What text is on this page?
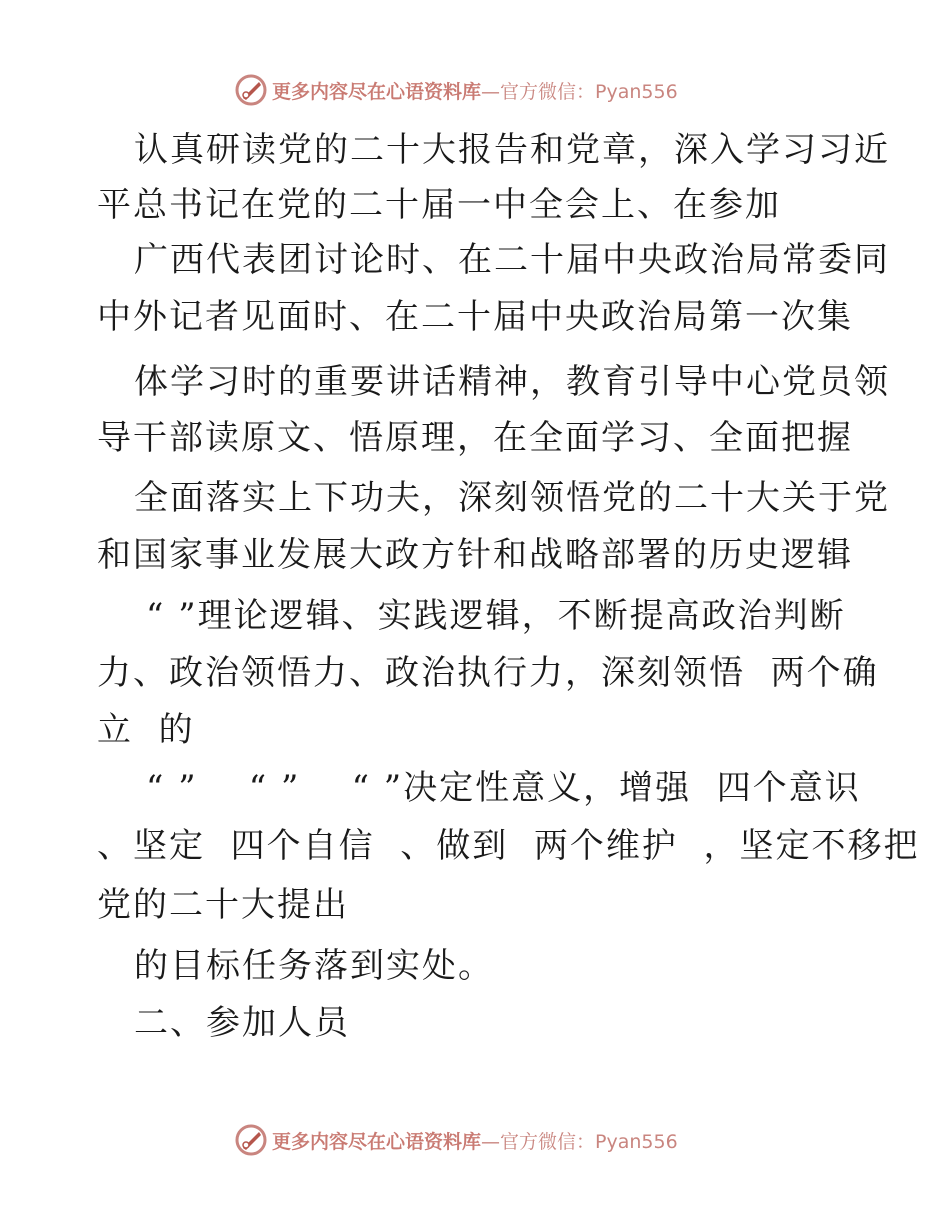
更多内容尽在心语资料库—官方微信：Pyan556
认真研读党的二十大报告和党章，深入学习习近
平总书记在党的二十届一中全会上、在参加
广西代表团讨论时、在二十届中央政治局常委同
中外记者见面时、在二十届中央政治局第一次集
体学习时的重要讲话精神，教育引导中心党员领
导干部读原文、悟原理，在全面学习、全面把握
全面落实上下功夫，深刻领悟党的二十大关于党
和国家事业发展大政方针和战略部署的历史逻辑
“ ”理论逻辑、实践逻辑，不断提高政治判断
力、政治领悟力、政治执行力，深刻领悟  两个确
立  的
“ ”    “ ”    “ ”决定性意义，增强  四个意识
、坚定  四个自信  、做到  两个维护  ，坚定不移把
党的二十大提出
的目标任务落到实处。
二、参加人员
更多内容尽在心语资料库—官方微信：Pyan556
